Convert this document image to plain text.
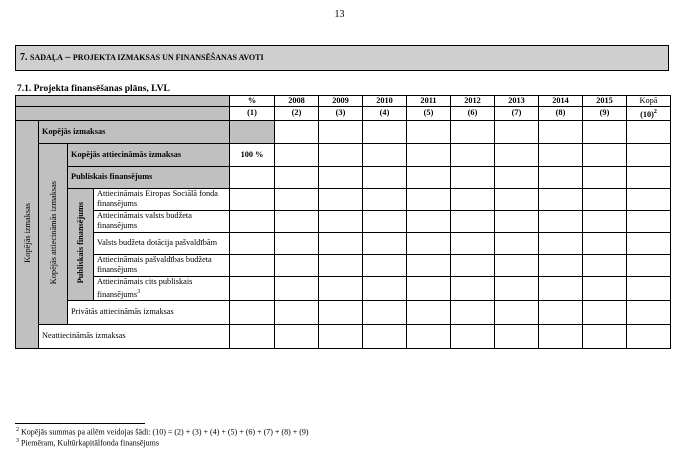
13
7. SADAĻA – PROJEKTA IZMAKSAS UN FINANSĒŠANAS AVOTI
7.1. Projekta finansēšanas plāns, LVL
				%	2008	2009	2010	2011	2012	2013	2014	2015	Kopā
				(1)	(2)	(3)	(4)	(5)	(6)	(7)	(8)	(9)	$(10)^2$
Kopējās izmaksas	Kopējās izmaksas												
	Kopējās attiecināmās izmaksas	Kopējās attiecināmās izmaksas		100 %									
		Publiskais finansējums											
		Publiskais finansējums	Attiecināmais Eiropas Sociālā fonda finansējums										
			Attiecināmais valsts budžeta finansējums										
			Valsts budžeta dotācija pašvaldībām										
			Attiecināmais pašvaldības budžeta finansējums										
			Attiecināmais cits publiskais finansējums$^3$										
		Privātās attiecināmās izmaksas											
	Neattiecināmās izmaksas												
$^2$ Kopējās summas pa ailēm veidojas šādi: (10) = (2) + (3) + (4) + (5) + (6) + (7) + (8) + (9)
$^3$ Piemēram, Kultūrkapitālfonda finansējums
